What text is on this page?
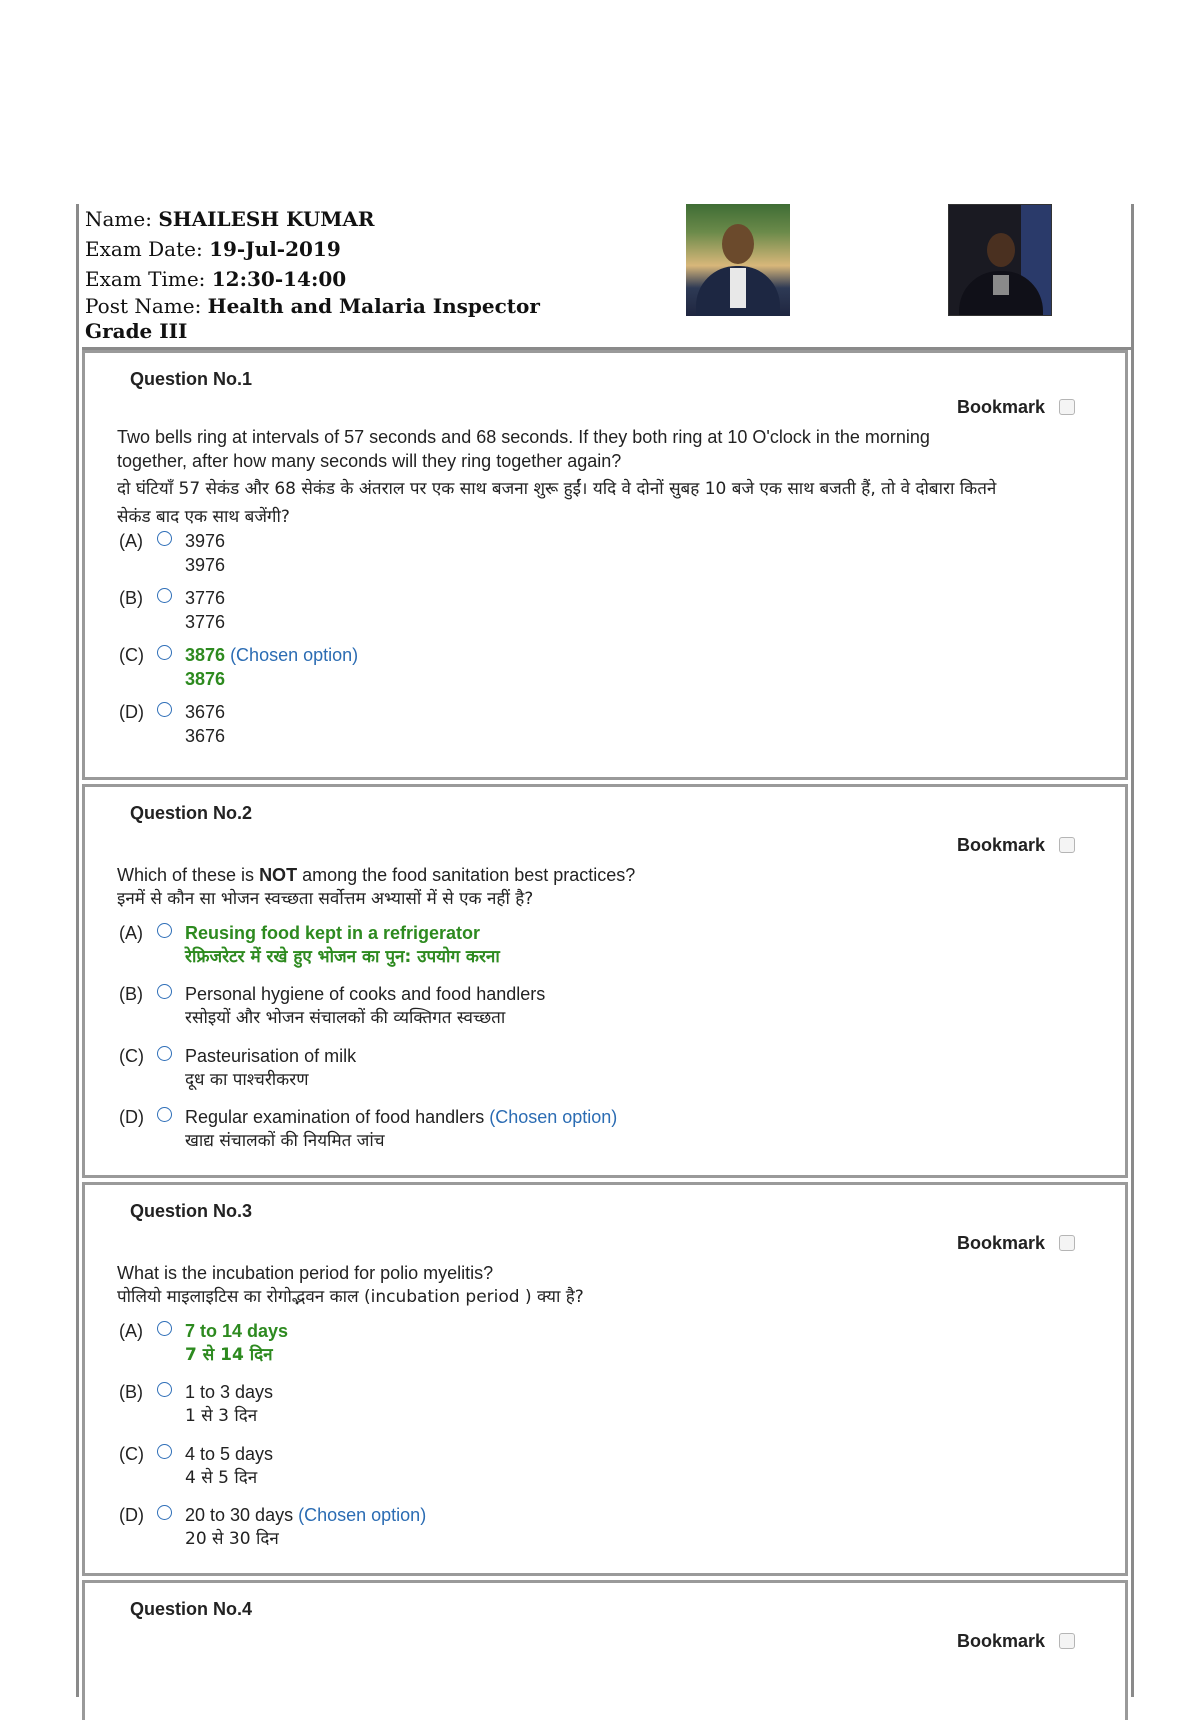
Name: SHAILESH KUMAR
Exam Date: 19-Jul-2019
Exam Time: 12:30-14:00
Post Name: Health and Malaria Inspector Grade III
Question No.1
Bookmark
Two bells ring at intervals of 57 seconds and 68 seconds. If they both ring at 10 O'clock in the morning together, after how many seconds will they ring together again?
दो घंटियाँ 57 सेकंड और 68 सेकंड के अंतराल पर एक साथ बजना शुरू हुईं। यदि वे दोनों सुबह 10 बजे एक साथ बजती हैं, तो वे दोबारा कितने सेकंड बाद एक साथ बजेंगी?
(A) 3976
3976
(B) 3776
3776
(C) 3876 (Chosen option)
3876
(D) 3676
3676
Question No.2
Bookmark
Which of these is NOT among the food sanitation best practices?
इनमें से कौन सा भोजन स्वच्छता सर्वोत्तम अभ्यासों में से एक नहीं है?
(A) Reusing food kept in a refrigerator
रेफ्रिजरेटर में रखे हुए भोजन का पुन: उपयोग करना
(B) Personal hygiene of cooks and food handlers
रसोइयों और भोजन संचालकों की व्यक्तिगत स्वच्छता
(C) Pasteurisation of milk
दूध का पाश्चरीकरण
(D) Regular examination of food handlers (Chosen option)
खाद्य संचालकों की नियमित जांच
Question No.3
Bookmark
What is the incubation period for polio myelitis?
पोलियो माइलाइटिस का रोगोद्भवन काल (incubation period ) क्या है?
(A) 7 to 14 days
7 से 14 दिन
(B) 1 to 3 days
1 से 3 दिन
(C) 4 to 5 days
4 से 5 दिन
(D) 20 to 30 days (Chosen option)
20 से 30 दिन
Question No.4
Bookmark
